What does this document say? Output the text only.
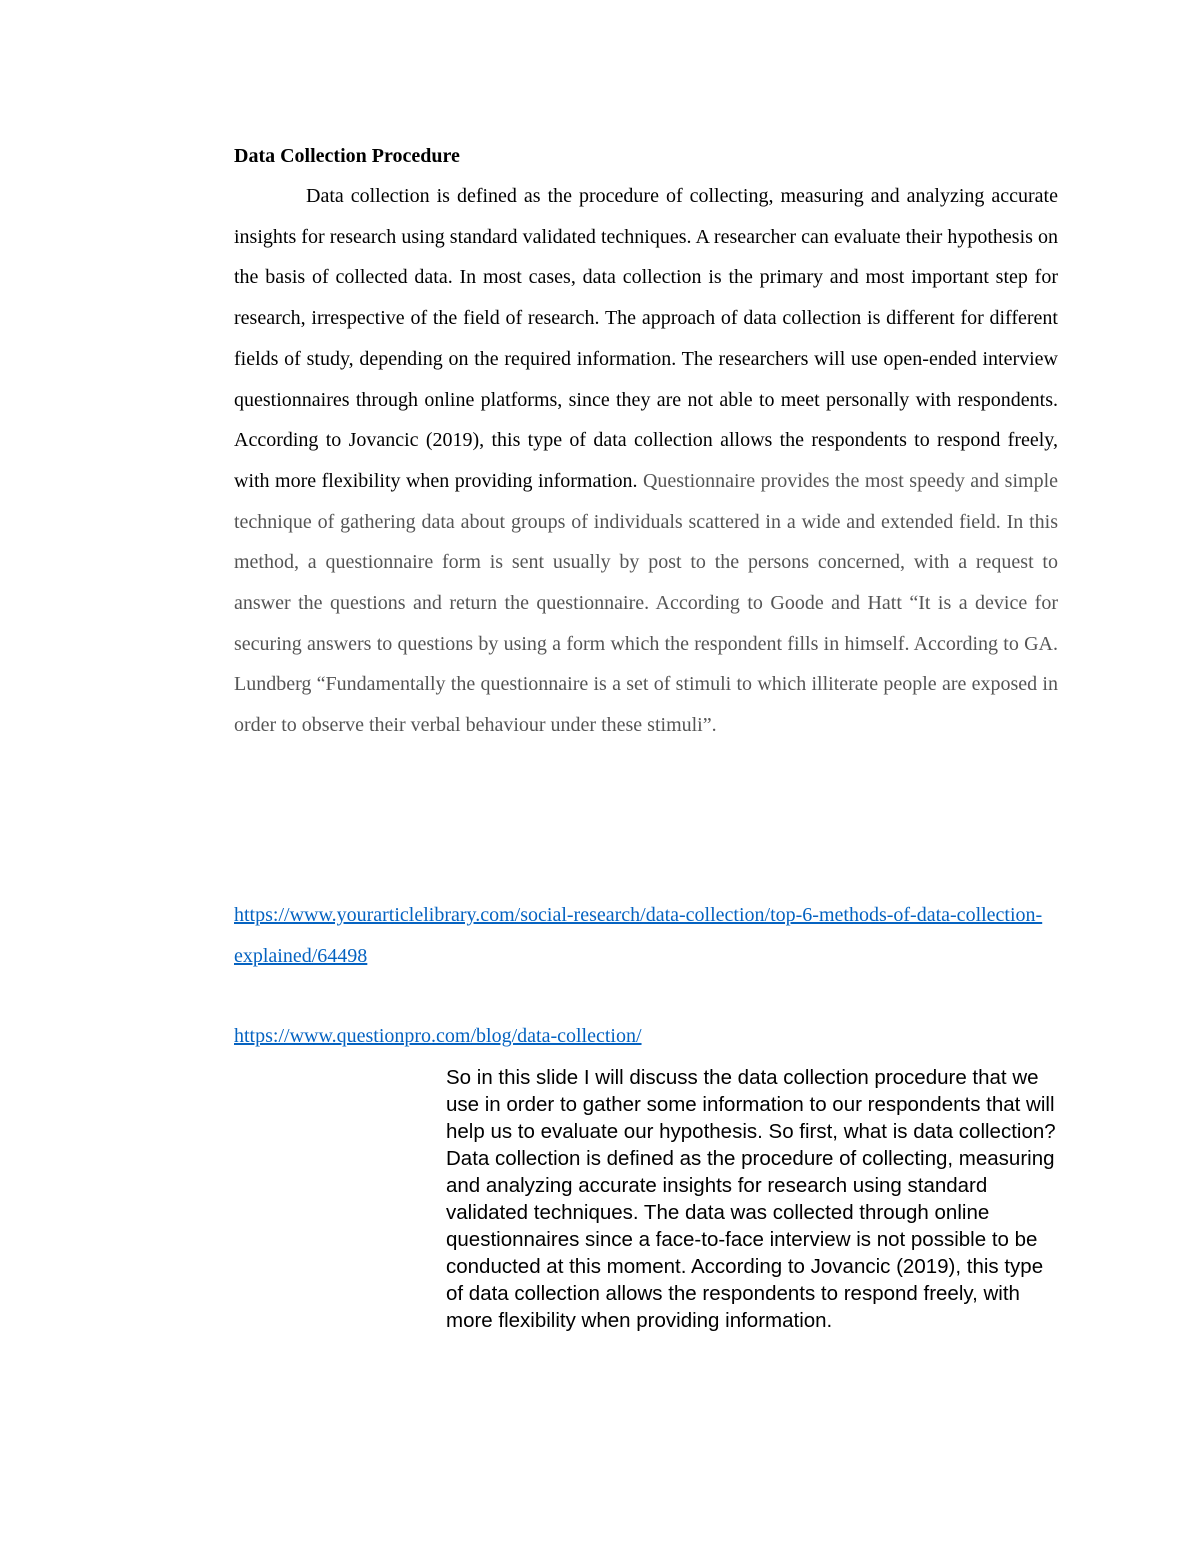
Data Collection Procedure

Data collection is defined as the procedure of collecting, measuring and analyzing accurate insights for research using standard validated techniques. A researcher can evaluate their hypothesis on the basis of collected data. In most cases, data collection is the primary and most important step for research, irrespective of the field of research. The approach of data collection is different for different fields of study, depending on the required information. The researchers will use open-ended interview questionnaires through online platforms, since they are not able to meet personally with respondents. According to Jovancic (2019), this type of data collection allows the respondents to respond freely, with more flexibility when providing information. Questionnaire provides the most speedy and simple technique of gathering data about groups of individuals scattered in a wide and extended field. In this method, a questionnaire form is sent usually by post to the persons concerned, with a request to answer the questions and return the questionnaire. According to Goode and Hatt “It is a device for securing answers to questions by using a form which the respondent fills in himself. According to GA. Lundberg “Fundamentally the questionnaire is a set of stimuli to which illiterate people are exposed in order to observe their verbal behaviour under these stimuli”.

https://www.yourarticlelibrary.com/social-research/data-collection/top-6-methods-of-data-collection-explained/64498
https://www.questionpro.com/blog/data-collection/

So in this slide I will discuss the data collection procedure that we use in order to gather some information to our respondents that will help us to evaluate our hypothesis. So first, what is data collection? Data collection is defined as the procedure of collecting, measuring and analyzing accurate insights for research using standard validated techniques. The data was collected through online questionnaires since a face-to-face interview is not possible to be conducted at this moment. According to Jovancic (2019), this type of data collection allows the respondents to respond freely, with more flexibility when providing information.
